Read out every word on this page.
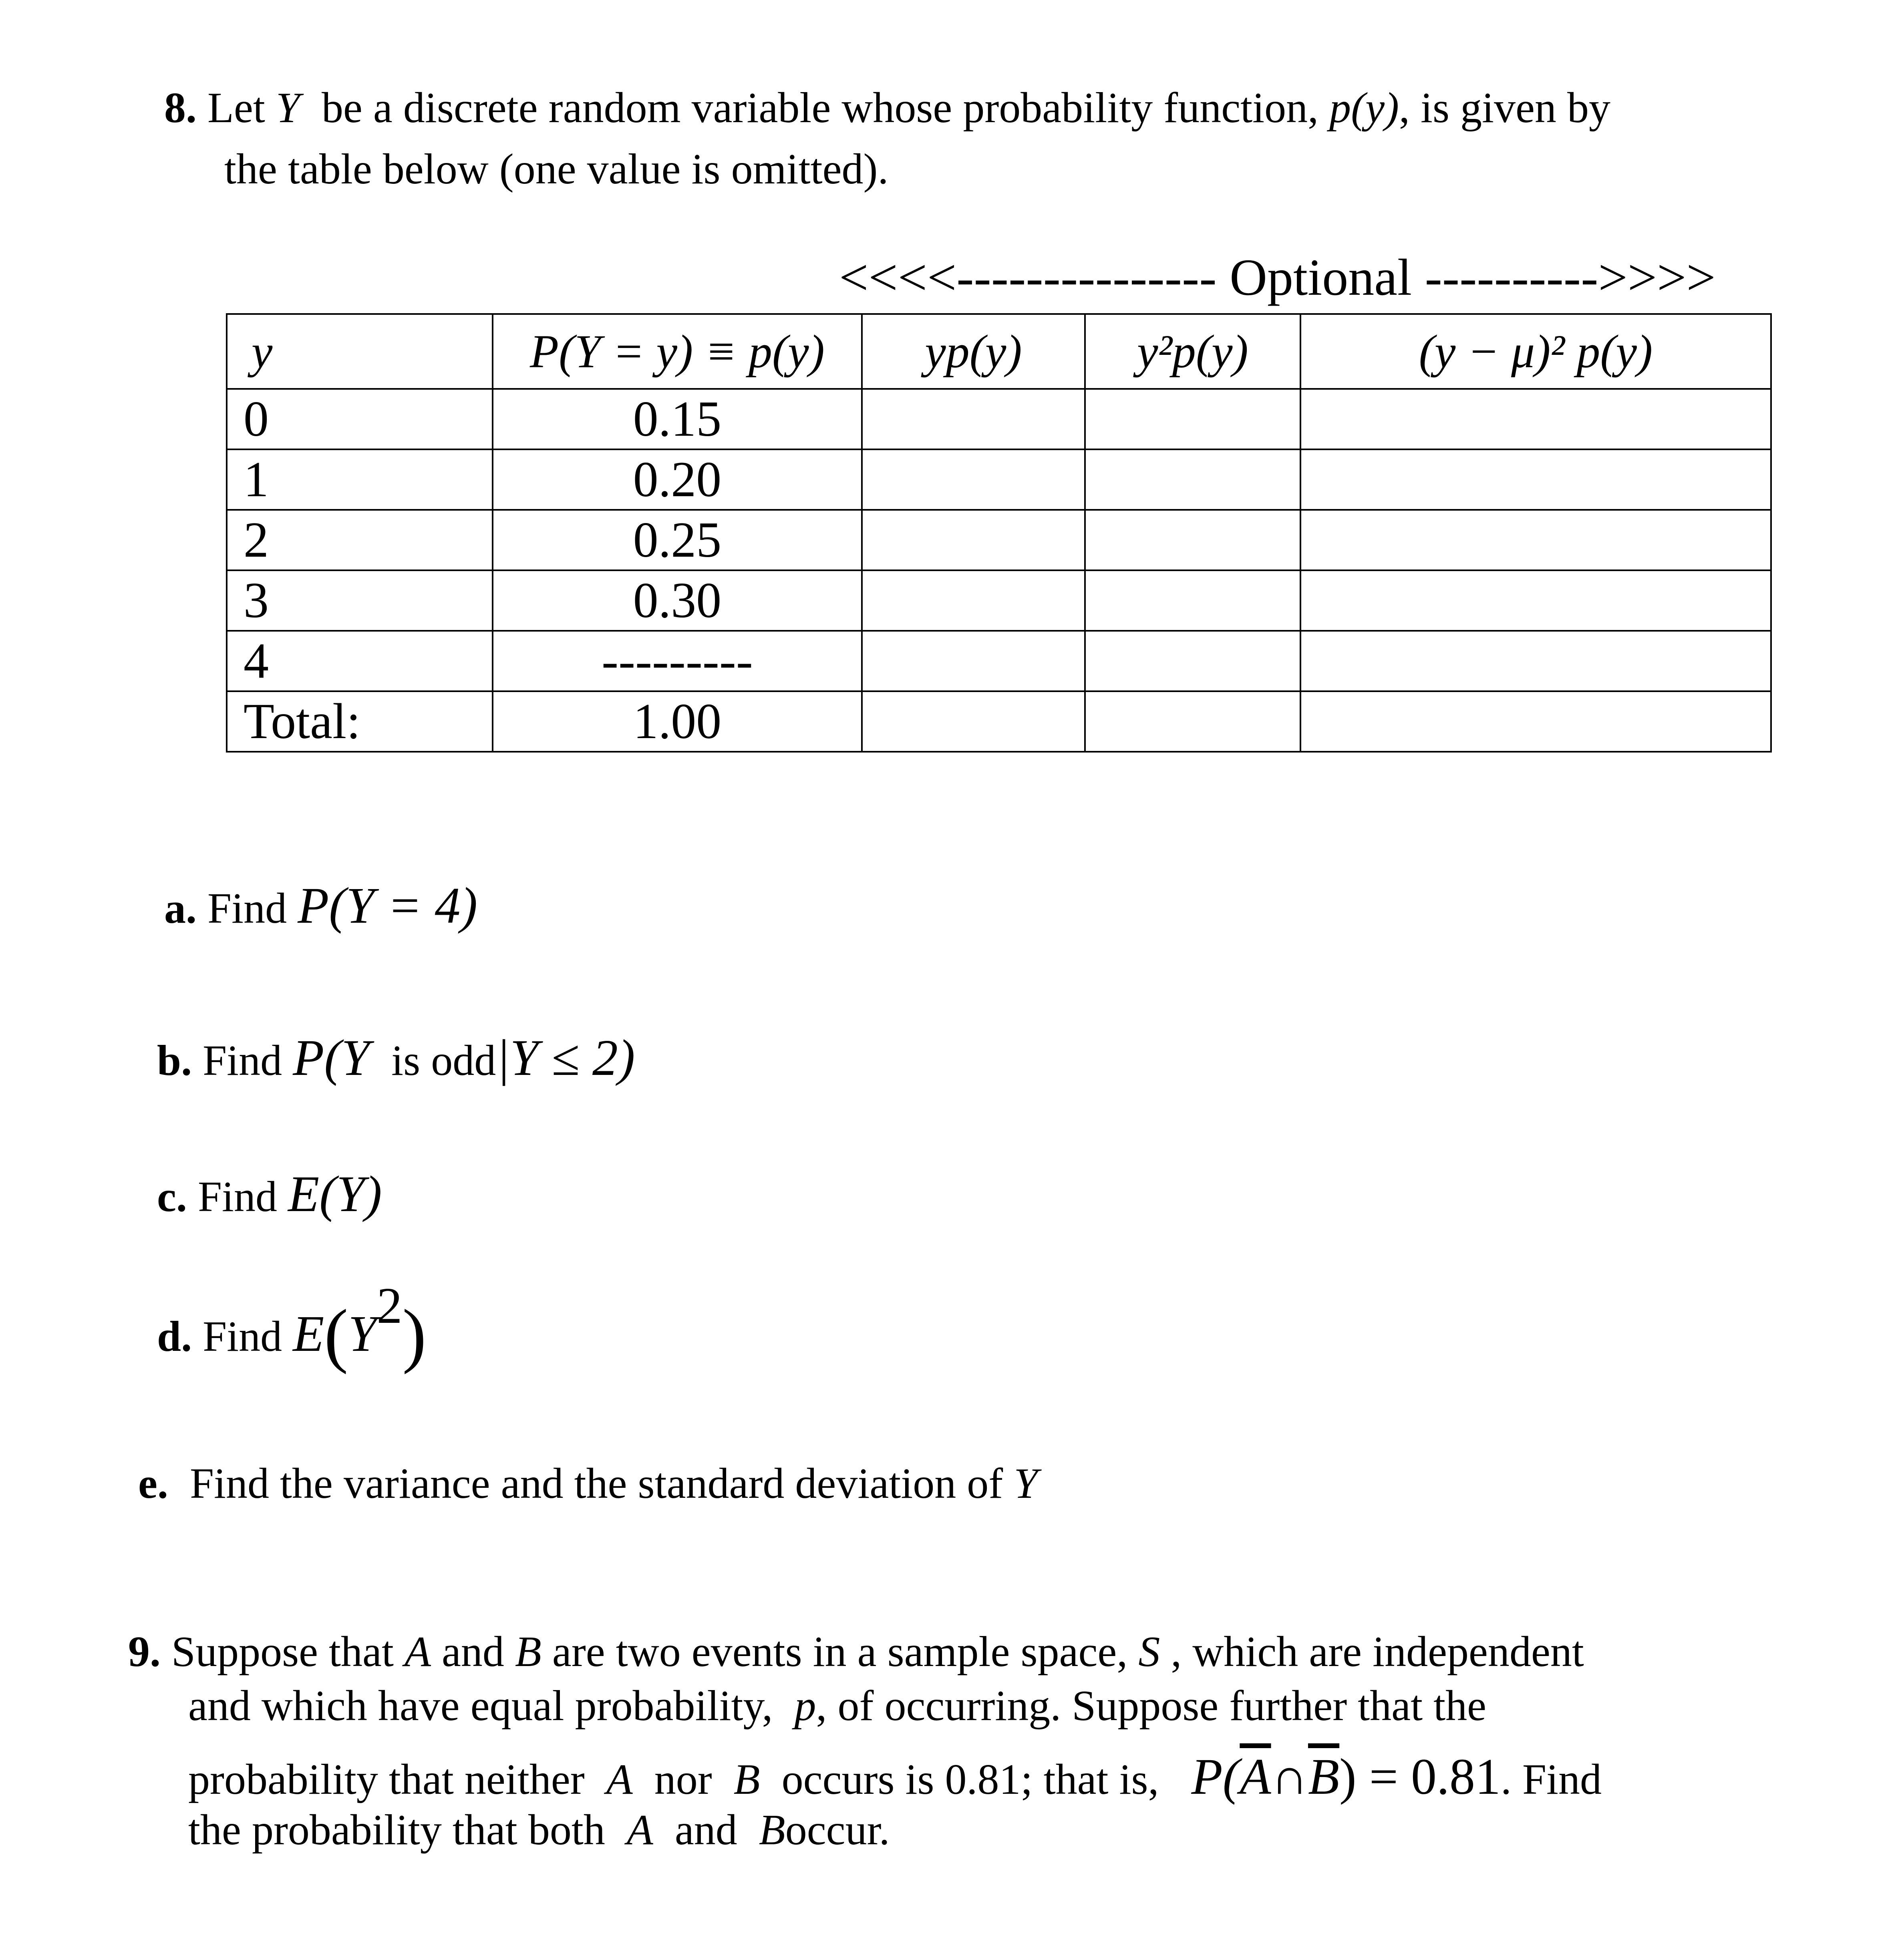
8. Let Y be a discrete random variable whose probability function, p(y), is given by
the table below (one value is omitted).
<<<<--------------- Optional ---------->>>>
y	P(Y = y) ≡ p(y)	yp(y)	y²p(y)	(y − μ)² p(y)
0	0.15			
1	0.20			
2	0.25			
3	0.30			
4	---------			
Total:	1.00			
a. Find P(Y = 4)
b. Find P(Y is odd|Y ≤ 2)
c. Find E(Y)
d. Find $E(Y^2)$
e. Find the variance and the standard deviation of Y
9. Suppose that A and B are two events in a sample space, S , which are independent
and which have equal probability, p, of occurring. Suppose further that the
probability that neither A nor B occurs is 0.81; that is, $P(\overline{A}\cap\overline{B}) = 0.81$. Find
the probability that both A and Boccur.
